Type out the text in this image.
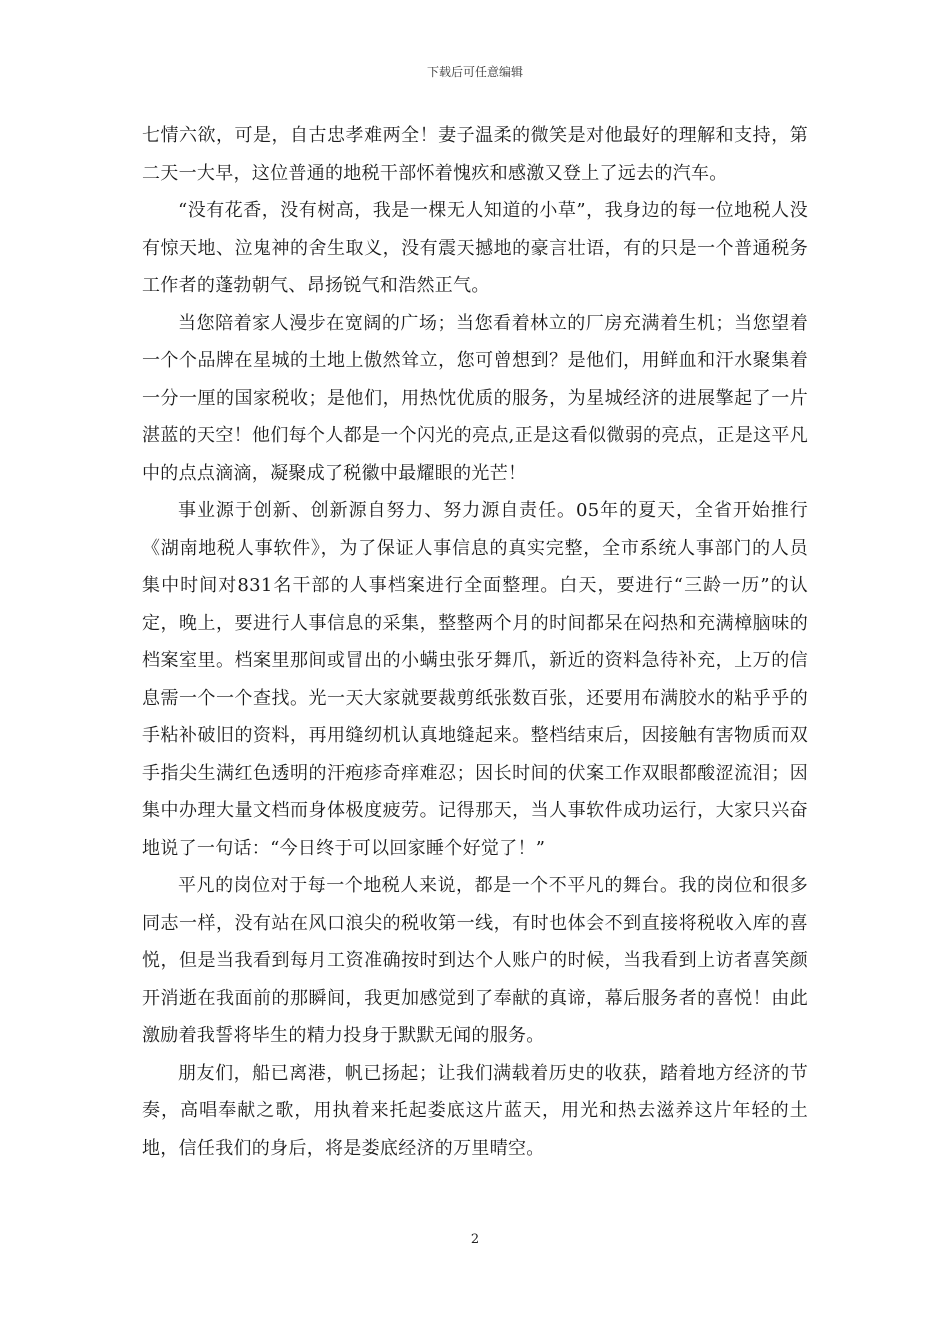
下载后可任意编辑

七情六欲，可是，自古忠孝难两全！妻子温柔的微笑是对他最好的理解和支持，第二天一大早，这位普通的地税干部怀着愧疚和感激又登上了远去的汽车。

“没有花香，没有树高，我是一棵无人知道的小草”，我身边的每一位地税人没有惊天地、泣鬼神的舍生取义，没有震天撼地的豪言壮语，有的只是一个普通税务工作者的蓬勃朝气、昂扬锐气和浩然正气。

当您陪着家人漫步在宽阔的广场；当您看着林立的厂房充满着生机；当您望着一个个品牌在星城的土地上傲然耸立，您可曾想到？是他们，用鲜血和汗水聚集着一分一厘的国家税收；是他们，用热忱优质的服务，为星城经济的进展擎起了一片湛蓝的天空！他们每个人都是一个闪光的亮点,正是这看似微弱的亮点，正是这平凡中的点点滴滴，凝聚成了税徽中最耀眼的光芒！

事业源于创新、创新源自努力、努力源自责任。05年的夏天，全省开始推行《湖南地税人事软件》，为了保证人事信息的真实完整，全市系统人事部门的人员集中时间对831名干部的人事档案进行全面整理。白天，要进行“三龄一历”的认定，晚上，要进行人事信息的采集，整整两个月的时间都呆在闷热和充满樟脑味的档案室里。档案里那间或冒出的小螨虫张牙舞爪，新近的资料急待补充，上万的信息需一个一个查找。光一天大家就要裁剪纸张数百张，还要用布满胶水的粘乎乎的手粘补破旧的资料，再用缝纫机认真地缝起来。整档结束后，因接触有害物质而双手指尖生满红色透明的汗疱疹奇痒难忍；因长时间的伏案工作双眼都酸涩流泪；因集中办理大量文档而身体极度疲劳。记得那天，当人事软件成功运行，大家只兴奋地说了一句话：“今日终于可以回家睡个好觉了！”

平凡的岗位对于每一个地税人来说，都是一个不平凡的舞台。我的岗位和很多同志一样，没有站在风口浪尖的税收第一线，有时也体会不到直接将税收入库的喜悦，但是当我看到每月工资准确按时到达个人账户的时候，当我看到上访者喜笑颜开消逝在我面前的那瞬间，我更加感觉到了奉献的真谛，幕后服务者的喜悦！由此激励着我誓将毕生的精力投身于默默无闻的服务。

朋友们，船已离港，帆已扬起；让我们满载着历史的收获，踏着地方经济的节奏，高唱奉献之歌，用执着来托起娄底这片蓝天，用光和热去滋养这片年轻的土地，信任我们的身后，将是娄底经济的万里晴空。

2
